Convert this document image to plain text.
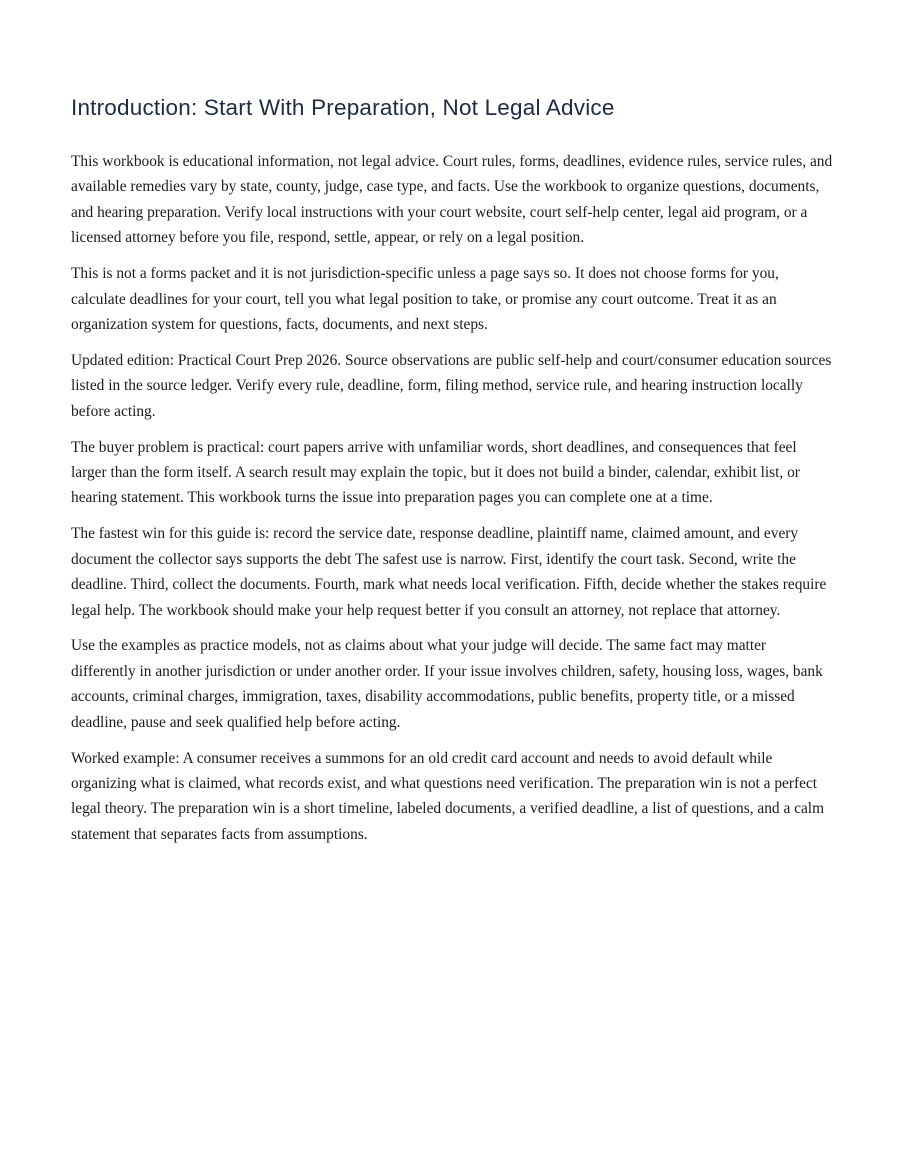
Introduction: Start With Preparation, Not Legal Advice

This workbook is educational information, not legal advice. Court rules, forms, deadlines, evidence rules, service rules, and available remedies vary by state, county, judge, case type, and facts. Use the workbook to organize questions, documents, and hearing preparation. Verify local instructions with your court website, court self-help center, legal aid program, or a licensed attorney before you file, respond, settle, appear, or rely on a legal position.

This is not a forms packet and it is not jurisdiction-specific unless a page says so. It does not choose forms for you, calculate deadlines for your court, tell you what legal position to take, or promise any court outcome. Treat it as an organization system for questions, facts, documents, and next steps.

Updated edition: Practical Court Prep 2026. Source observations are public self-help and court/consumer education sources listed in the source ledger. Verify every rule, deadline, form, filing method, service rule, and hearing instruction locally before acting.

The buyer problem is practical: court papers arrive with unfamiliar words, short deadlines, and consequences that feel larger than the form itself. A search result may explain the topic, but it does not build a binder, calendar, exhibit list, or hearing statement. This workbook turns the issue into preparation pages you can complete one at a time.

The fastest win for this guide is: record the service date, response deadline, plaintiff name, claimed amount, and every document the collector says supports the debt The safest use is narrow. First, identify the court task. Second, write the deadline. Third, collect the documents. Fourth, mark what needs local verification. Fifth, decide whether the stakes require legal help. The workbook should make your help request better if you consult an attorney, not replace that attorney.

Use the examples as practice models, not as claims about what your judge will decide. The same fact may matter differently in another jurisdiction or under another order. If your issue involves children, safety, housing loss, wages, bank accounts, criminal charges, immigration, taxes, disability accommodations, public benefits, property title, or a missed deadline, pause and seek qualified help before acting.

Worked example: A consumer receives a summons for an old credit card account and needs to avoid default while organizing what is claimed, what records exist, and what questions need verification. The preparation win is not a perfect legal theory. The preparation win is a short timeline, labeled documents, a verified deadline, a list of questions, and a calm statement that separates facts from assumptions.
